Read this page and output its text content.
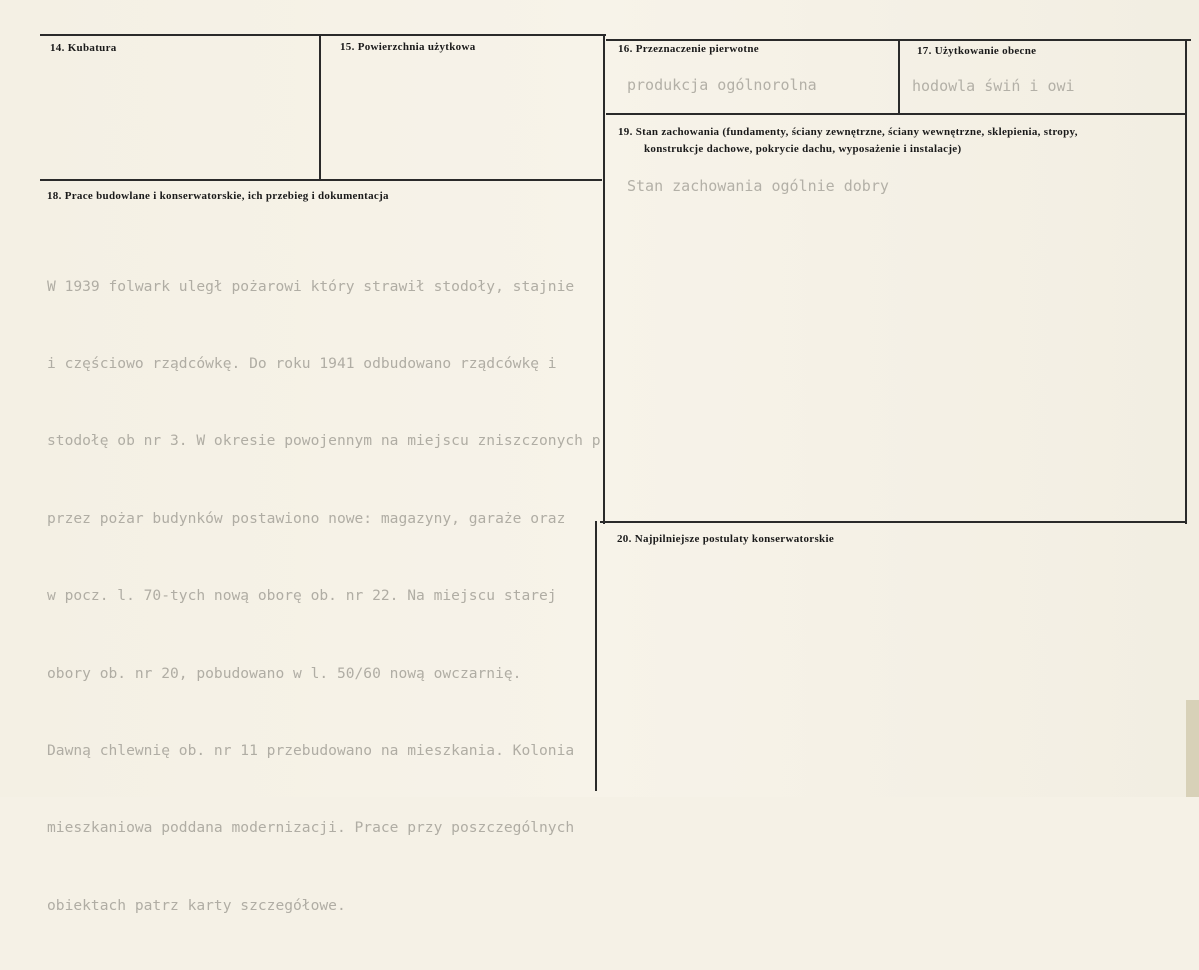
14. Kubatura	15. Powierzchnia użytkowa	16. Przeznaczenie pierwotne
produkcja ogólnorolna
17. Użytkowanie obecne
hodowla świń i owi
19. Stan zachowania (fundamenty, ściany zewnętrzne, ściany wewnętrzne, sklepienia, stropy,
konstrukcje dachowe, pokrycie dachu, wyposażenie i instalacje)
Stan zachowania ogólnie dobry
18. Prace budowlane i konserwatorskie, ich przebieg i dokumentacja

W 1939 folwark uległ pożarowi który strawił stodoły, stajnie

i częściowo rządcówkę. Do roku 1941 odbudowano rządcówkę i

stodołę ob nr 3. W okresie powojennym na miejscu zniszczonych p

przez pożar budynków postawiono nowe: magazyny, garaże oraz

w pocz. l. 70-tych nową oborę ob. nr 22. Na miejscu starej

obory ob. nr 20, pobudowano w l. 50/60 nową owczarnię.

Dawną chlewnię ob. nr 11 przebudowano na mieszkania. Kolonia

mieszkaniowa poddana modernizacji. Prace przy poszczególnych

obiektach patrz karty szczegółowe.

20. Najpilniejsze postulaty konserwatorskie
